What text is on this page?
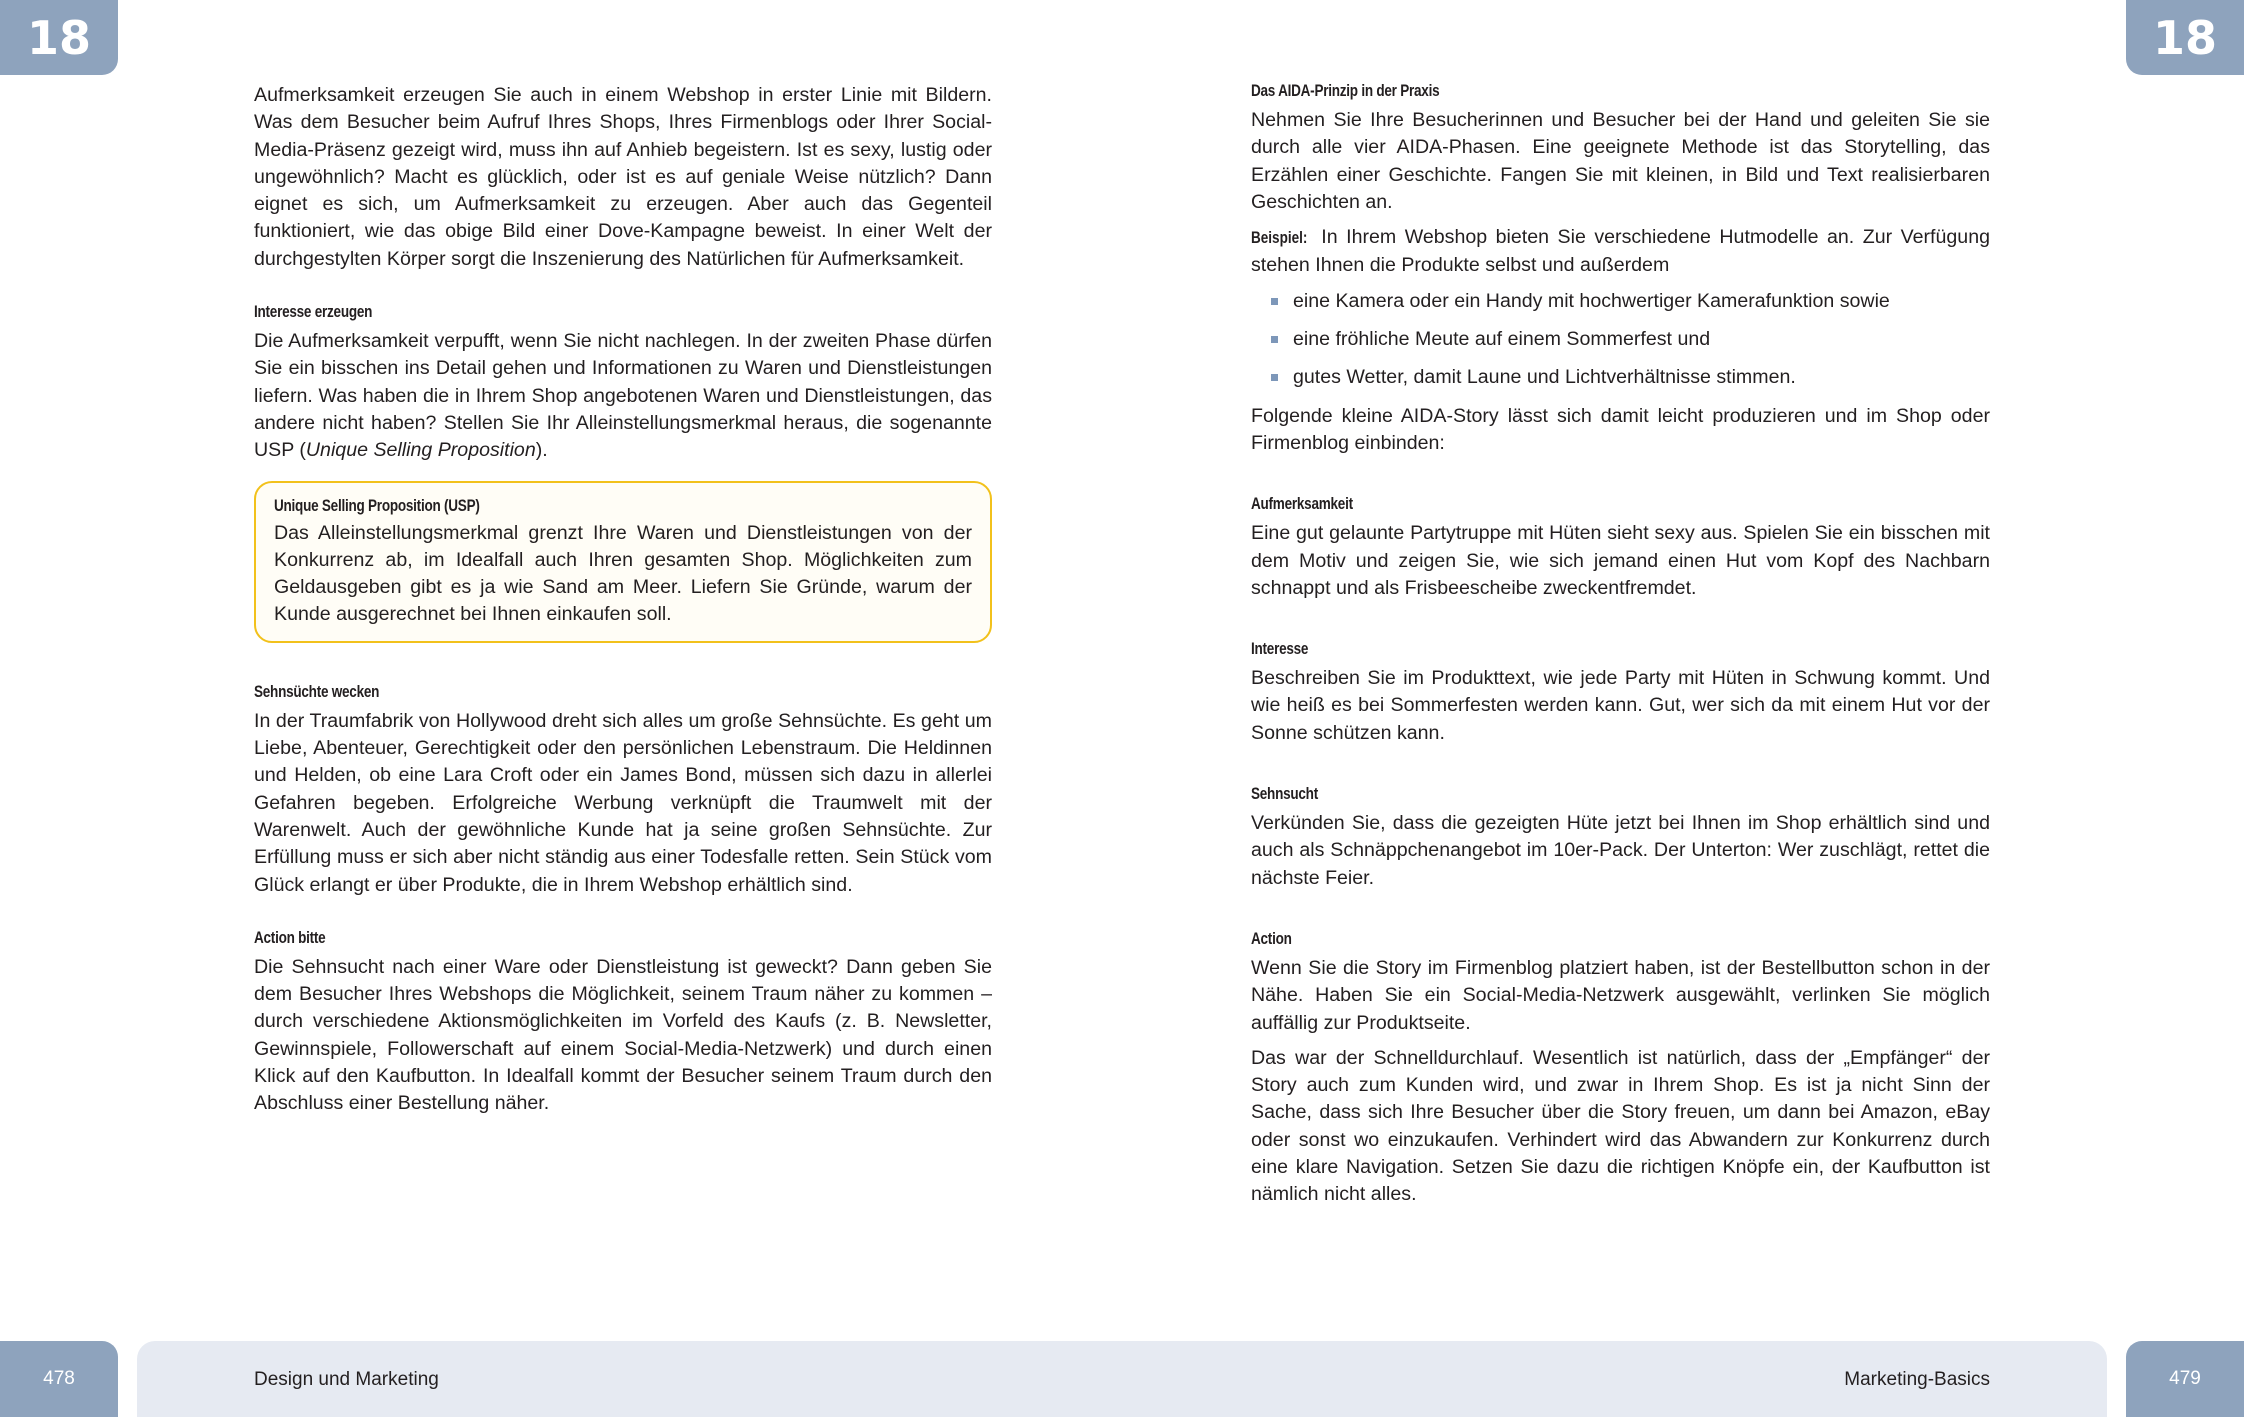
18	18

Aufmerksamkeit erzeugen Sie auch in einem Webshop in erster Linie mit Bildern. Was dem Besucher beim Aufruf Ihres Shops, Ihres Firmenblogs oder Ihrer Social-Media-Präsenz gezeigt wird, muss ihn auf Anhieb begeistern. Ist es sexy, lustig oder ungewöhnlich? Macht es glücklich, oder ist es auf geniale Weise nützlich? Dann eignet es sich, um Aufmerksamkeit zu erzeugen. Aber auch das Gegenteil funktioniert, wie das obige Bild einer Dove-Kampagne beweist. In einer Welt der durchgestylten Körper sorgt die Inszenierung des Natürlichen für Aufmerksamkeit.

Interesse erzeugen

Die Aufmerksamkeit verpufft, wenn Sie nicht nachlegen. In der zweiten Phase dürfen Sie ein bisschen ins Detail gehen und Informationen zu Waren und Dienstleistungen liefern. Was haben die in Ihrem Shop angebotenen Waren und Dienstleistungen, das andere nicht haben? Stellen Sie Ihr Alleinstellungsmerkmal heraus, die sogenannte USP (Unique Selling Proposition).

Unique Selling Proposition (USP)

Das Alleinstellungsmerkmal grenzt Ihre Waren und Dienstleistungen von der Konkurrenz ab, im Idealfall auch Ihren gesamten Shop. Möglichkeiten zum Geldausgeben gibt es ja wie Sand am Meer. Liefern Sie Gründe, warum der Kunde ausgerechnet bei Ihnen einkaufen soll.

Sehnsüchte wecken

In der Traumfabrik von Hollywood dreht sich alles um große Sehnsüchte. Es geht um Liebe, Abenteuer, Gerechtigkeit oder den persönlichen Lebenstraum. Die Heldinnen und Helden, ob eine Lara Croft oder ein James Bond, müssen sich dazu in allerlei Gefahren begeben. Erfolgreiche Werbung verknüpft die Traumwelt mit der Warenwelt. Auch der gewöhnliche Kunde hat ja seine großen Sehnsüchte. Zur Erfüllung muss er sich aber nicht ständig aus einer Todesfalle retten. Sein Stück vom Glück erlangt er über Produkte, die in Ihrem Webshop erhältlich sind.

Action bitte

Die Sehnsucht nach einer Ware oder Dienstleistung ist geweckt? Dann geben Sie dem Besucher Ihres Webshops die Möglichkeit, seinem Traum näher zu kommen – durch verschiedene Aktionsmöglichkeiten im Vorfeld des Kaufs (z. B. Newsletter, Gewinnspiele, Followerschaft auf einem Social-Media-Netzwerk) und durch einen Klick auf den Kaufbutton. In Idealfall kommt der Besucher seinem Traum durch den Abschluss einer Bestellung näher.

Das AIDA-Prinzip in der Praxis

Nehmen Sie Ihre Besucherinnen und Besucher bei der Hand und geleiten Sie sie durch alle vier AIDA-Phasen. Eine geeignete Methode ist das Storytelling, das Erzählen einer Geschichte. Fangen Sie mit kleinen, in Bild und Text realisierbaren Geschichten an.

Beispiel: In Ihrem Webshop bieten Sie verschiedene Hutmodelle an. Zur Verfügung stehen Ihnen die Produkte selbst und außerdem

eine Kamera oder ein Handy mit hochwertiger Kamerafunktion sowie
eine fröhliche Meute auf einem Sommerfest und
gutes Wetter, damit Laune und Lichtverhältnisse stimmen.

Folgende kleine AIDA-Story lässt sich damit leicht produzieren und im Shop oder Firmenblog einbinden:

Aufmerksamkeit

Eine gut gelaunte Partytruppe mit Hüten sieht sexy aus. Spielen Sie ein bisschen mit dem Motiv und zeigen Sie, wie sich jemand einen Hut vom Kopf des Nachbarn schnappt und als Frisbeescheibe zweckentfremdet.

Interesse

Beschreiben Sie im Produkttext, wie jede Party mit Hüten in Schwung kommt. Und wie heiß es bei Sommerfesten werden kann. Gut, wer sich da mit einem Hut vor der Sonne schützen kann.

Sehnsucht

Verkünden Sie, dass die gezeigten Hüte jetzt bei Ihnen im Shop erhältlich sind und auch als Schnäppchenangebot im 10er-Pack. Der Unterton: Wer zuschlägt, rettet die nächste Feier.

Action

Wenn Sie die Story im Firmenblog platziert haben, ist der Bestellbutton schon in der Nähe. Haben Sie ein Social-Media-Netzwerk ausgewählt, verlinken Sie möglich auffällig zur Produktseite.

Das war der Schnelldurchlauf. Wesentlich ist natürlich, dass der „Empfänger“ der Story auch zum Kunden wird, und zwar in Ihrem Shop. Es ist ja nicht Sinn der Sache, dass sich Ihre Besucher über die Story freuen, um dann bei Amazon, eBay oder sonst wo einzukaufen. Verhindert wird das Abwandern zur Konkurrenz durch eine klare Navigation. Setzen Sie dazu die richtigen Knöpfe ein, der Kaufbutton ist nämlich nicht alles.

478	479
Design und Marketing	Marketing-Basics
